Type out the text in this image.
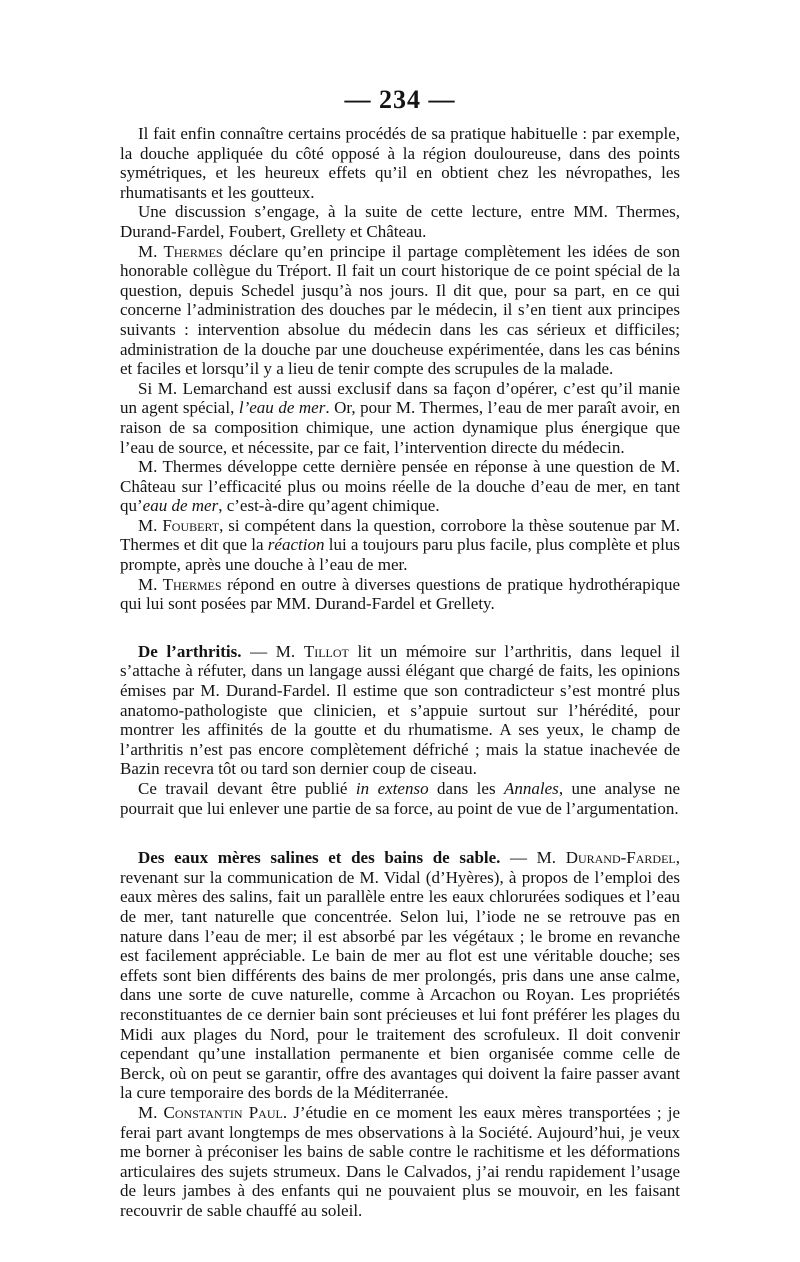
— 234 —

Il fait enfin connaître certains procédés de sa pratique habituelle : par exemple, la douche appliquée du côté opposé à la région douloureuse, dans des points symétriques, et les heureux effets qu’il en obtient chez les névropathes, les rhumatisants et les goutteux.

Une discussion s’engage, à la suite de cette lecture, entre MM. Thermes, Durand-Fardel, Foubert, Grellety et Château.

M. Thermes déclare qu’en principe il partage complètement les idées de son honorable collègue du Tréport. Il fait un court historique de ce point spécial de la question, depuis Schedel jusqu’à nos jours. Il dit que, pour sa part, en ce qui concerne l’administration des douches par le médecin, il s’en tient aux principes suivants : intervention absolue du médecin dans les cas sérieux et difficiles; administration de la douche par une doucheuse expérimentée, dans les cas bénins et faciles et lorsqu’il y a lieu de tenir compte des scrupules de la malade.

Si M. Lemarchand est aussi exclusif dans sa façon d’opérer, c’est qu’il manie un agent spécial, l’eau de mer. Or, pour M. Thermes, l’eau de mer paraît avoir, en raison de sa composition chimique, une action dynamique plus énergique que l’eau de source, et nécessite, par ce fait, l’intervention directe du médecin.

M. Thermes développe cette dernière pensée en réponse à une question de M. Château sur l’efficacité plus ou moins réelle de la douche d’eau de mer, en tant qu’eau de mer, c’est-à-dire qu’agent chimique.

M. Foubert, si compétent dans la question, corrobore la thèse soutenue par M. Thermes et dit que la réaction lui a toujours paru plus facile, plus complète et plus prompte, après une douche à l’eau de mer.

M. Thermes répond en outre à diverses questions de pratique hydrothérapique qui lui sont posées par MM. Durand-Fardel et Grellety.

De l’arthritis. — M. Tillot lit un mémoire sur l’arthritis, dans lequel il s’attache à réfuter, dans un langage aussi élégant que chargé de faits, les opinions émises par M. Durand-Fardel. Il estime que son contradicteur s’est montré plus anatomo-pathologiste que clinicien, et s’appuie surtout sur l’hérédité, pour montrer les affinités de la goutte et du rhumatisme. A ses yeux, le champ de l’arthritis n’est pas encore complètement défriché ; mais la statue inachevée de Bazin recevra tôt ou tard son dernier coup de ciseau.

Ce travail devant être publié in extenso dans les Annales, une analyse ne pourrait que lui enlever une partie de sa force, au point de vue de l’argumentation.

Des eaux mères salines et des bains de sable. — M. Durand-Fardel, revenant sur la communication de M. Vidal (d’Hyères), à propos de l’emploi des eaux mères des salins, fait un parallèle entre les eaux chlorurées sodiques et l’eau de mer, tant naturelle que concentrée. Selon lui, l’iode ne se retrouve pas en nature dans l’eau de mer; il est absorbé par les végétaux ; le brome en revanche est facilement appréciable. Le bain de mer au flot est une véritable douche; ses effets sont bien différents des bains de mer prolongés, pris dans une anse calme, dans une sorte de cuve naturelle, comme à Arcachon ou Royan. Les propriétés reconstituantes de ce dernier bain sont précieuses et lui font préférer les plages du Midi aux plages du Nord, pour le traitement des scrofuleux. Il doit convenir cependant qu’une installation permanente et bien organisée comme celle de Berck, où on peut se garantir, offre des avantages qui doivent la faire passer avant la cure temporaire des bords de la Méditerranée.

M. Constantin Paul. J’étudie en ce moment les eaux mères transportées ; je ferai part avant longtemps de mes observations à la Société. Aujourd’hui, je veux me borner à préconiser les bains de sable contre le rachitisme et les déformations articulaires des sujets strumeux. Dans le Calvados, j’ai rendu rapidement l’usage de leurs jambes à des enfants qui ne pouvaient plus se mouvoir, en les faisant recouvrir de sable chauffé au soleil.
